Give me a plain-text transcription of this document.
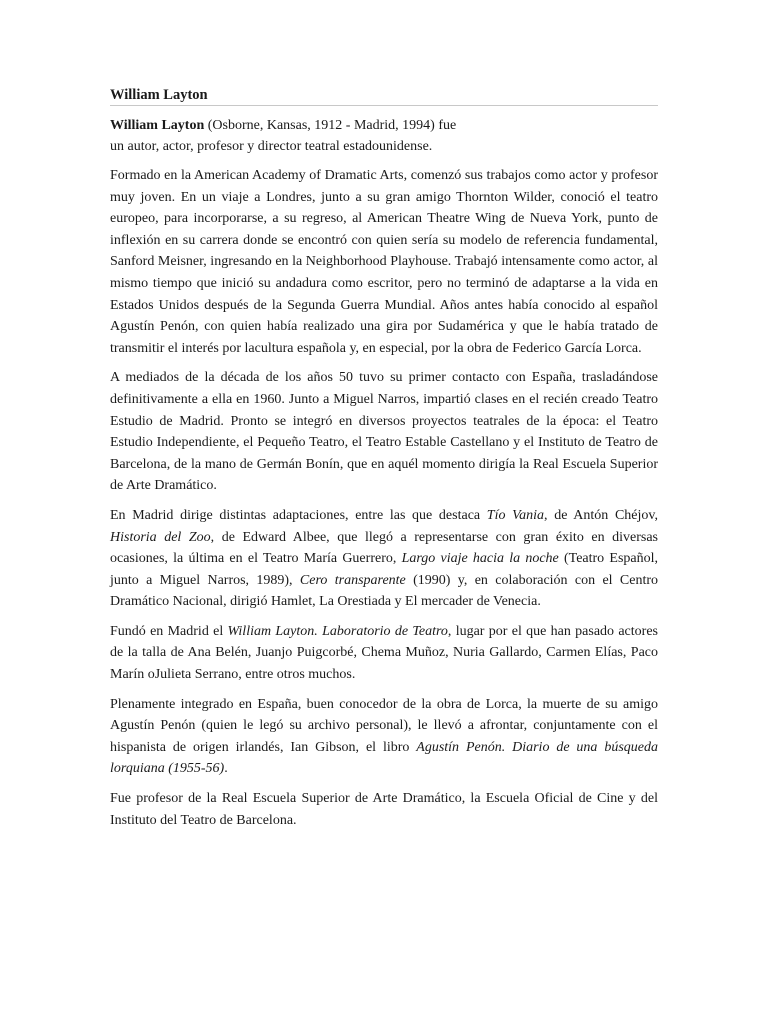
William Layton

William Layton (Osborne, Kansas, 1912 - Madrid, 1994) fue
un autor, actor, profesor y director teatral estadounidense.

Formado en la American Academy of Dramatic Arts, comenzó sus trabajos como actor y profesor muy joven. En un viaje a Londres, junto a su gran amigo Thornton Wilder, conoció el teatro europeo, para incorporarse, a su regreso, al American Theatre Wing de Nueva York, punto de inflexión en su carrera donde se encontró con quien sería su modelo de referencia fundamental, Sanford Meisner, ingresando en la Neighborhood Playhouse. Trabajó intensamente como actor, al mismo tiempo que inició su andadura como escritor, pero no terminó de adaptarse a la vida en Estados Unidos después de la Segunda Guerra Mundial. Años antes había conocido al español Agustín Penón, con quien había realizado una gira por Sudamérica y que le había tratado de transmitir el interés por lacultura española y, en especial, por la obra de Federico García Lorca.

A mediados de la década de los años 50 tuvo su primer contacto con España, trasladándose definitivamente a ella en 1960. Junto a Miguel Narros, impartió clases en el recién creado Teatro Estudio de Madrid. Pronto se integró en diversos proyectos teatrales de la época: el Teatro Estudio Independiente, el Pequeño Teatro, el Teatro Estable Castellano y el Instituto de Teatro de Barcelona, de la mano de Germán Bonín, que en aquél momento dirigía la Real Escuela Superior de Arte Dramático.

En Madrid dirige distintas adaptaciones, entre las que destaca Tío Vania, de Antón Chéjov, Historia del Zoo, de Edward Albee, que llegó a representarse con gran éxito en diversas ocasiones, la última en el Teatro María Guerrero, Largo viaje hacia la noche (Teatro Español, junto a Miguel Narros, 1989), Cero transparente (1990) y, en colaboración con el Centro Dramático Nacional, dirigió Hamlet, La Orestiada y El mercader de Venecia.

Fundó en Madrid el William Layton. Laboratorio de Teatro, lugar por el que han pasado actores de la talla de Ana Belén, Juanjo Puigcorbé, Chema Muñoz, Nuria Gallardo, Carmen Elías, Paco Marín oJulieta Serrano, entre otros muchos.

Plenamente integrado en España, buen conocedor de la obra de Lorca, la muerte de su amigo Agustín Penón (quien le legó su archivo personal), le llevó a afrontar, conjuntamente con el hispanista de origen irlandés, Ian Gibson, el libro Agustín Penón. Diario de una búsqueda lorquiana (1955-56).

Fue profesor de la Real Escuela Superior de Arte Dramático, la Escuela Oficial de Cine y del Instituto del Teatro de Barcelona.
